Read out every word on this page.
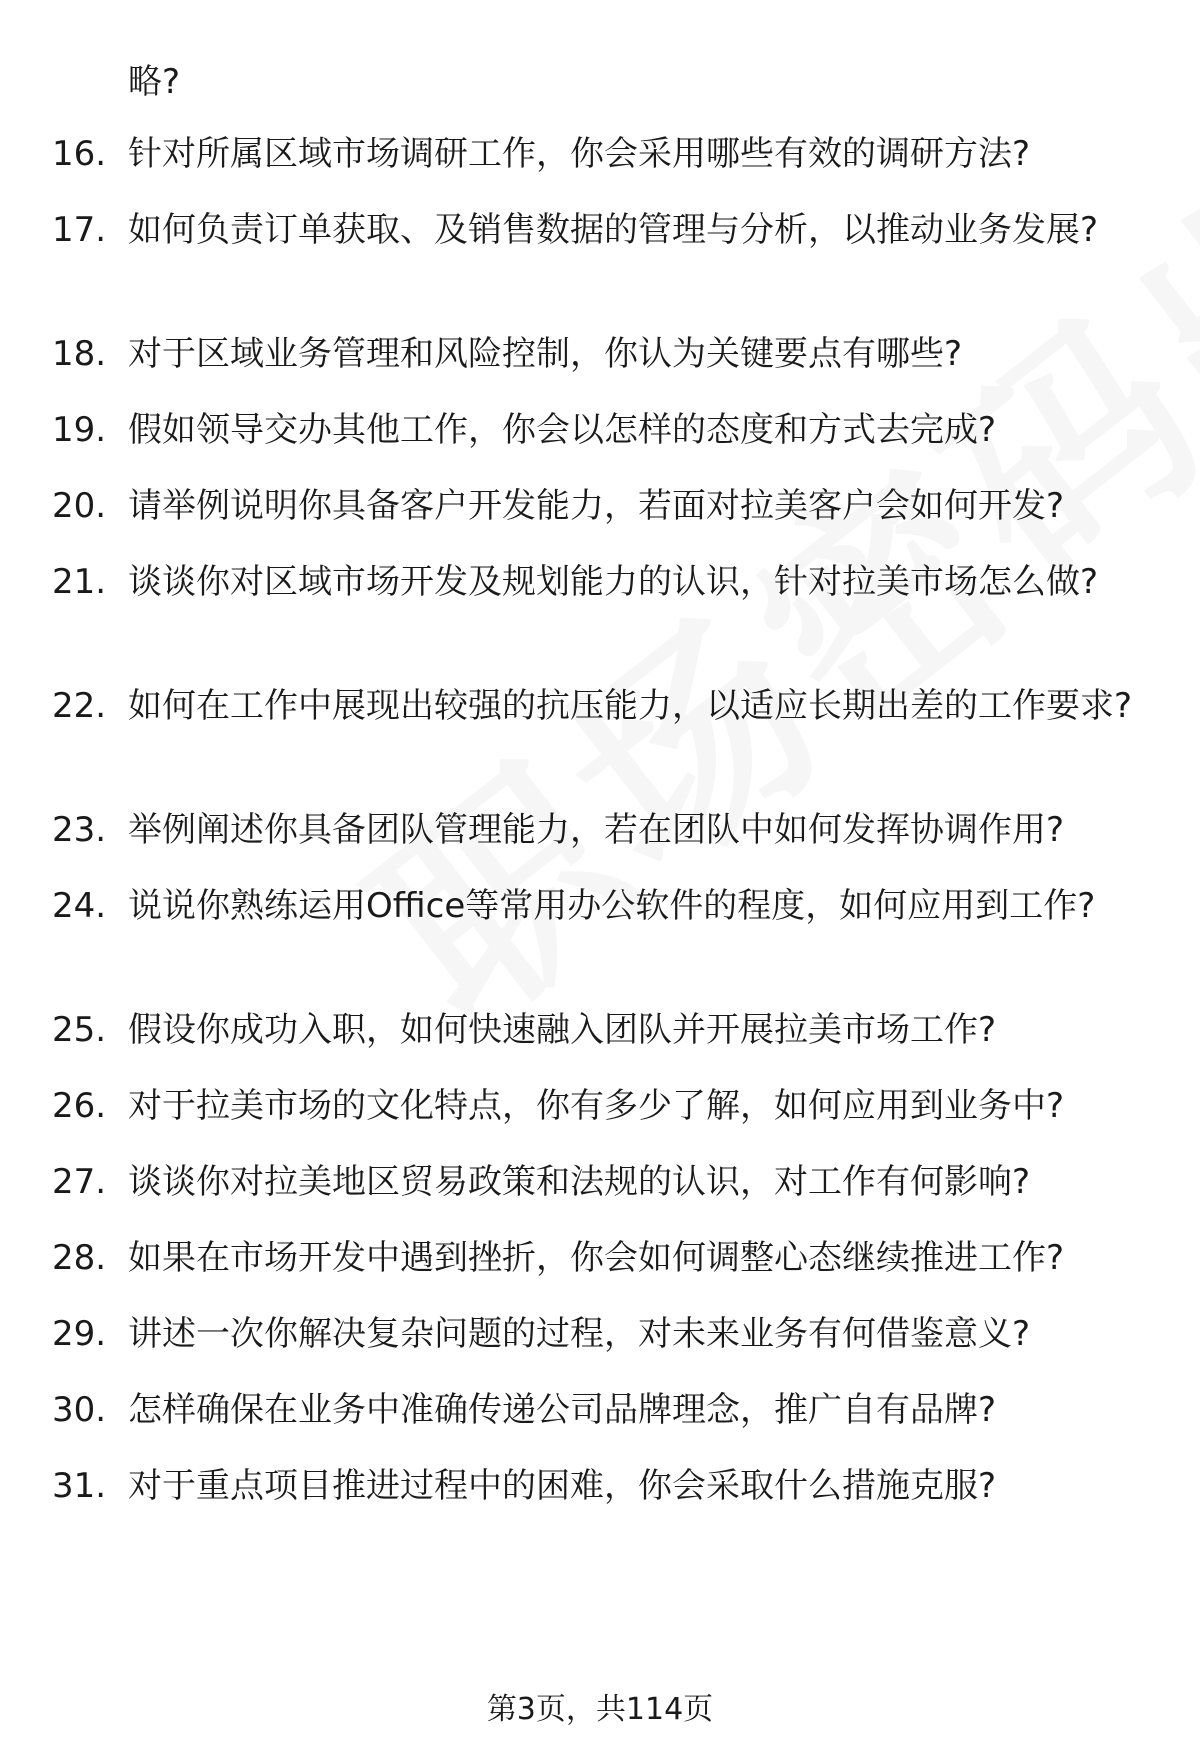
略?
16. 针对所属区域市场调研工作，你会采用哪些有效的调研方法?
17. 如何负责订单获取、及销售数据的管理与分析，以推动业务发展?
18. 对于区域业务管理和风险控制，你认为关键要点有哪些?
19. 假如领导交办其他工作，你会以怎样的态度和方式去完成?
20. 请举例说明你具备客户开发能力，若面对拉美客户会如何开发?
21. 谈谈你对区域市场开发及规划能力的认识，针对拉美市场怎么做?
22. 如何在工作中展现出较强的抗压能力，以适应长期出差的工作要求?
23. 举例阐述你具备团队管理能力，若在团队中如何发挥协调作用?
24. 说说你熟练运用Office等常用办公软件的程度，如何应用到工作?
25. 假设你成功入职，如何快速融入团队并开展拉美市场工作?
26. 对于拉美市场的文化特点，你有多少了解，如何应用到业务中?
27. 谈谈你对拉美地区贸易政策和法规的认识，对工作有何影响?
28. 如果在市场开发中遇到挫折，你会如何调整心态继续推进工作?
29. 讲述一次你解决复杂问题的过程，对未来业务有何借鉴意义?
30. 怎样确保在业务中准确传递公司品牌理念，推广自有品牌?
31. 对于重点项目推进过程中的困难，你会采取什么措施克服?
第3页，共114页
